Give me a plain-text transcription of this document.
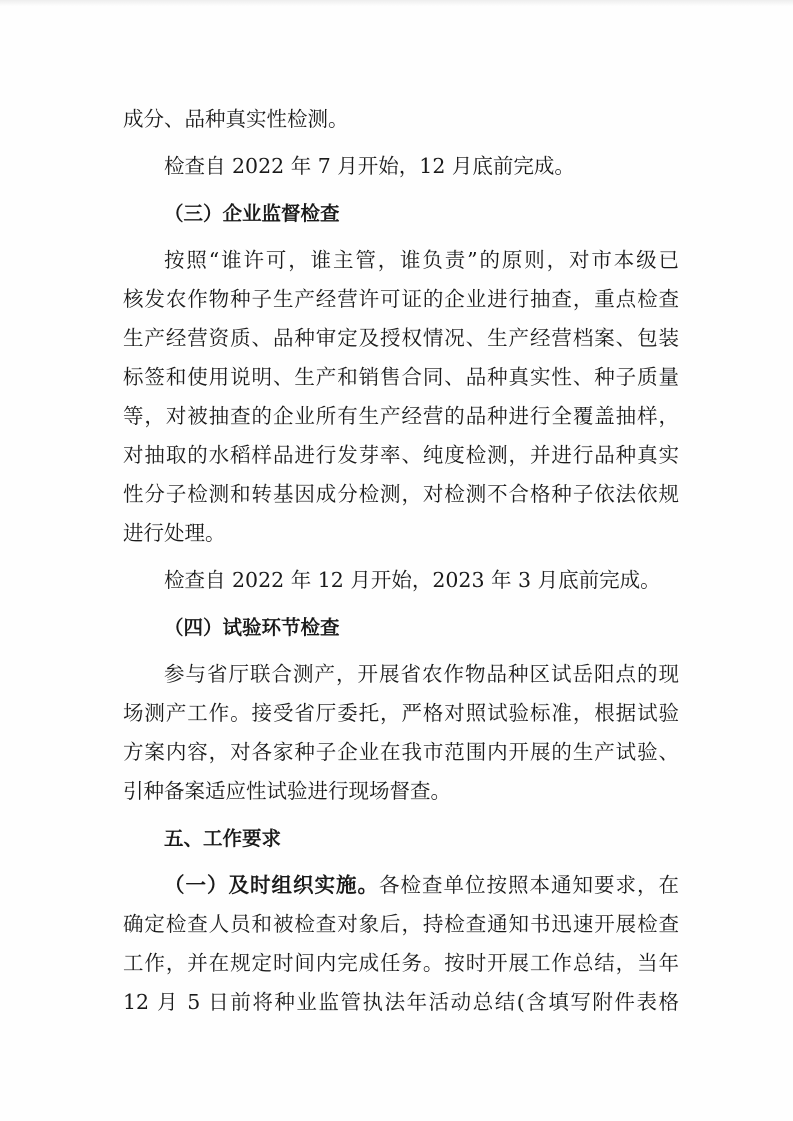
成分、品种真实性检测。
检查自 2022 年 7 月开始，12 月底前完成。
（三）企业监督检查
按照“谁许可，谁主管，谁负责”的原则，对市本级已
核发农作物种子生产经营许可证的企业进行抽查，重点检查
生产经营资质、品种审定及授权情况、生产经营档案、包装
标签和使用说明、生产和销售合同、品种真实性、种子质量
等，对被抽查的企业所有生产经营的品种进行全覆盖抽样，
对抽取的水稻样品进行发芽率、纯度检测，并进行品种真实
性分子检测和转基因成分检测，对检测不合格种子依法依规
进行处理。
检查自 2022 年 12 月开始，2023 年 3 月底前完成。
（四）试验环节检查
参与省厅联合测产，开展省农作物品种区试岳阳点的现
场测产工作。接受省厅委托，严格对照试验标准，根据试验
方案内容，对各家种子企业在我市范围内开展的生产试验、
引种备案适应性试验进行现场督查。
五、工作要求
（一）及时组织实施。各检查单位按照本通知要求，在
确定检查人员和被检查对象后，持检查通知书迅速开展检查
工作，并在规定时间内完成任务。按时开展工作总结，当年
12 月 5 日前将种业监管执法年活动总结(含填写附件表格
